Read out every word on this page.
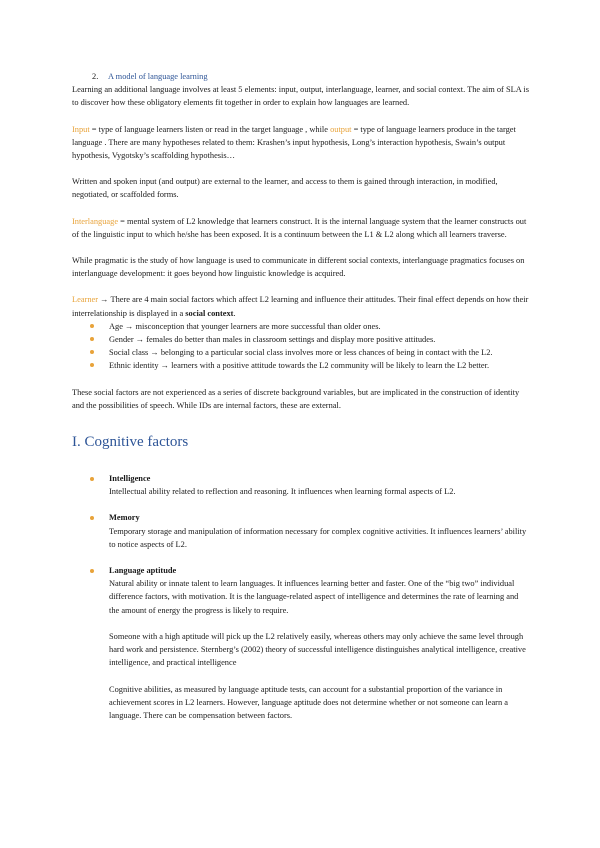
2. A model of language learning

Learning an additional language involves at least 5 elements: input, output, interlanguage, learner, and social context. The aim of SLA is to discover how these obligatory elements fit together in order to explain how languages are learned.

Input = type of language learners listen or read in the target language , while output = type of language learners produce in the target language . There are many hypotheses related to them: Krashen’s input hypothesis, Long’s interaction hypothesis, Swain’s output hypothesis, Vygotsky’s scaffolding hypothesis…

Written and spoken input (and output) are external to the learner, and access to them is gained through interaction, in modified, negotiated, or scaffolded forms.

Interlanguage = mental system of L2 knowledge that learners construct. It is the internal language system that the learner constructs out of the linguistic input to which he/she has been exposed. It is a continuum between the L1 & L2 along which all learners traverse.

While pragmatic is the study of how language is used to communicate in different social contexts, interlanguage pragmatics focuses on interlanguage development: it goes beyond how linguistic knowledge is acquired.

Learner → There are 4 main social factors which affect L2 learning and influence their attitudes. Their final effect depends on how their interrelationship is displayed in a social context.

Age → misconception that younger learners are more successful than older ones.
Gender → females do better than males in classroom settings and display more positive attitudes.
Social class → belonging to a particular social class involves more or less chances of being in contact with the L2.
Ethnic identity → learners with a positive attitude towards the L2 community will be likely to learn the L2 better.

These social factors are not experienced as a series of discrete background variables, but are implicated in the construction of identity and the possibilities of speech. While IDs are internal factors, these are external.

I. Cognitive factors
Intelligence
Intellectual ability related to reflection and reasoning. It influences when learning formal aspects of L2.
Memory
Temporary storage and manipulation of information necessary for complex cognitive activities. It influences learners’ ability to notice aspects of L2.
Language aptitude
Natural ability or innate talent to learn languages. It influences learning better and faster. One of the “big two” individual difference factors, with motivation. It is the language-related aspect of intelligence and determines the rate of learning and the amount of energy the progress is likely to require.
Someone with a high aptitude will pick up the L2 relatively easily, whereas others may only achieve the same level through hard work and persistence. Sternberg’s (2002) theory of successful intelligence distinguishes analytical intelligence, creative intelligence, and practical intelligence
Cognitive abilities, as measured by language aptitude tests, can account for a substantial proportion of the variance in achievement scores in L2 learners. However, language aptitude does not determine whether or not someone can learn a language. There can be compensation between factors.
